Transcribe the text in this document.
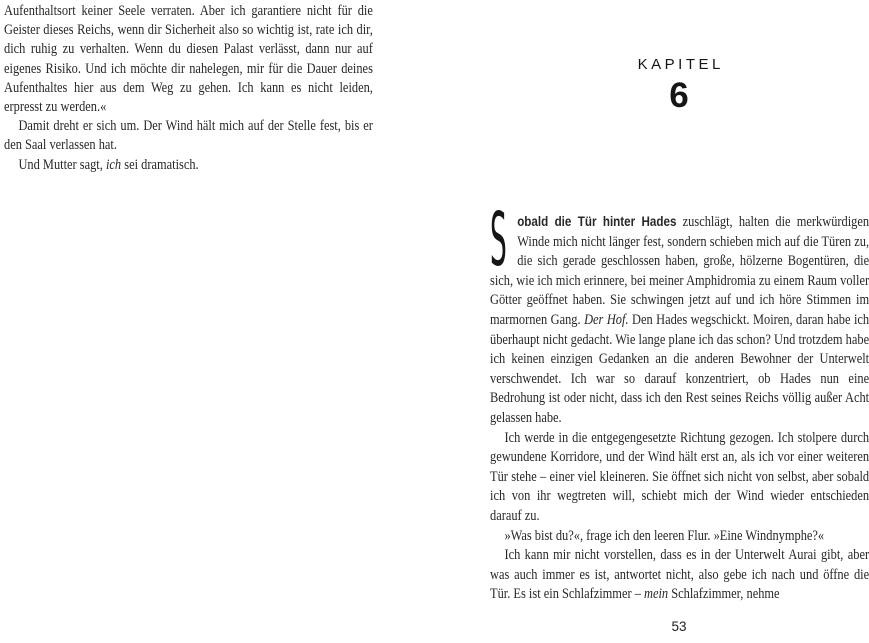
Aufenthaltsort keiner Seele verraten. Aber ich garantiere nicht für die Geister dieses Reichs, wenn dir Sicherheit also so wichtig ist, rate ich dir, dich ruhig zu verhalten. Wenn du diesen Palast verlässt, dann nur auf eigenes Risiko. Und ich möchte dir nahelegen, mir für die Dauer deines Aufenthaltes hier aus dem Weg zu gehen. Ich kann es nicht leiden, erpresst zu werden.«

Damit dreht er sich um. Der Wind hält mich auf der Stelle fest, bis er den Saal verlassen hat.

Und Mutter sagt, ich sei dramatisch.

KAPITEL
6

Sobald die Tür hinter Hades zuschlägt, halten die merkwürdigen Winde mich nicht länger fest, sondern schieben mich auf die Türen zu, die sich gerade geschlossen haben, große, hölzerne Bogentüren, die sich, wie ich mich erinnere, bei meiner Amphidromia zu einem Raum voller Götter geöffnet haben. Sie schwingen jetzt auf und ich höre Stimmen im marmornen Gang. Der Hof. Den Hades wegschickt. Moiren, daran habe ich überhaupt nicht gedacht. Wie lange plane ich das schon? Und trotzdem habe ich keinen einzigen Gedanken an die anderen Bewohner der Unterwelt verschwendet. Ich war so darauf konzentriert, ob Hades nun eine Bedrohung ist oder nicht, dass ich den Rest seines Reichs völlig außer Acht gelassen habe.

Ich werde in die entgegengesetzte Richtung gezogen. Ich stolpere durch gewundene Korridore, und der Wind hält erst an, als ich vor einer weiteren Tür stehe – einer viel kleineren. Sie öffnet sich nicht von selbst, aber sobald ich von ihr wegtreten will, schiebt mich der Wind wieder entschieden darauf zu.

»Was bist du?«, frage ich den leeren Flur. »Eine Windnymphe?«

Ich kann mir nicht vorstellen, dass es in der Unterwelt Aurai gibt, aber was auch immer es ist, antwortet nicht, also gebe ich nach und öffne die Tür. Es ist ein Schlafzimmer – mein Schlafzimmer, nehme

53
